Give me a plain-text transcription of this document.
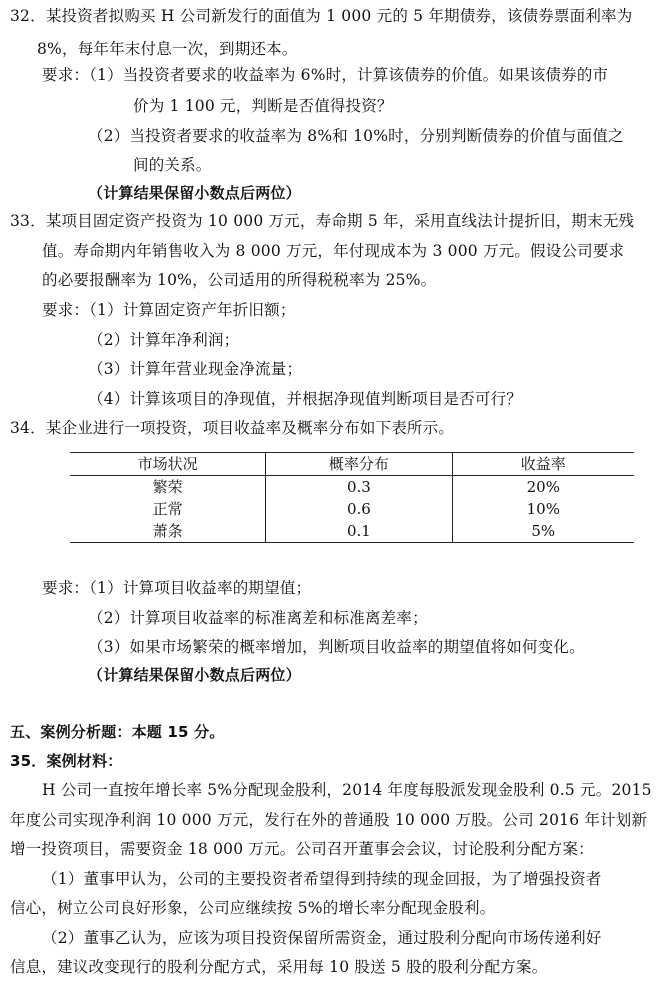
32．某投资者拟购买 H 公司新发行的面值为 1 000 元的 5 年期债券，该债券票面利率为
8%，每年年末付息一次，到期还本。
要求：（1）当投资者要求的收益率为 6%时，计算该债券的价值。如果该债券的市
价为 1 100 元，判断是否值得投资？
（2）当投资者要求的收益率为 8%和 10%时，分别判断债券的价值与面值之
间的关系。
（计算结果保留小数点后两位）
33．某项目固定资产投资为 10 000 万元，寿命期 5 年，采用直线法计提折旧，期末无残
值。寿命期内年销售收入为 8 000 万元，年付现成本为 3 000 万元。假设公司要求
的必要报酬率为 10%，公司适用的所得税税率为 25%。
要求：（1）计算固定资产年折旧额；
（2）计算年净利润；
（3）计算年营业现金净流量；
（4）计算该项目的净现值，并根据净现值判断项目是否可行？
34．某企业进行一项投资，项目收益率及概率分布如下表所示。
市场状况	概率分布	收益率
繁荣	0.3	20%
正常	0.6	10%
萧条	0.1	5%
要求：（1）计算项目收益率的期望值；
（2）计算项目收益率的标准离差和标准离差率；
（3）如果市场繁荣的概率增加，判断项目收益率的期望值将如何变化。
（计算结果保留小数点后两位）
五、案例分析题：本题 15 分。
35．案例材料：
H 公司一直按年增长率 5%分配现金股利，2014 年度每股派发现金股利 0.5 元。2015
年度公司实现净利润 10 000 万元，发行在外的普通股 10 000 万股。公司 2016 年计划新
增一投资项目，需要资金 18 000 万元。公司召开董事会会议，讨论股利分配方案：
（1）董事甲认为，公司的主要投资者希望得到持续的现金回报，为了增强投资者
信心，树立公司良好形象，公司应继续按 5%的增长率分配现金股利。
（2）董事乙认为，应该为项目投资保留所需资金，通过股利分配向市场传递利好
信息，建议改变现行的股利分配方式，采用每 10 股送 5 股的股利分配方案。
